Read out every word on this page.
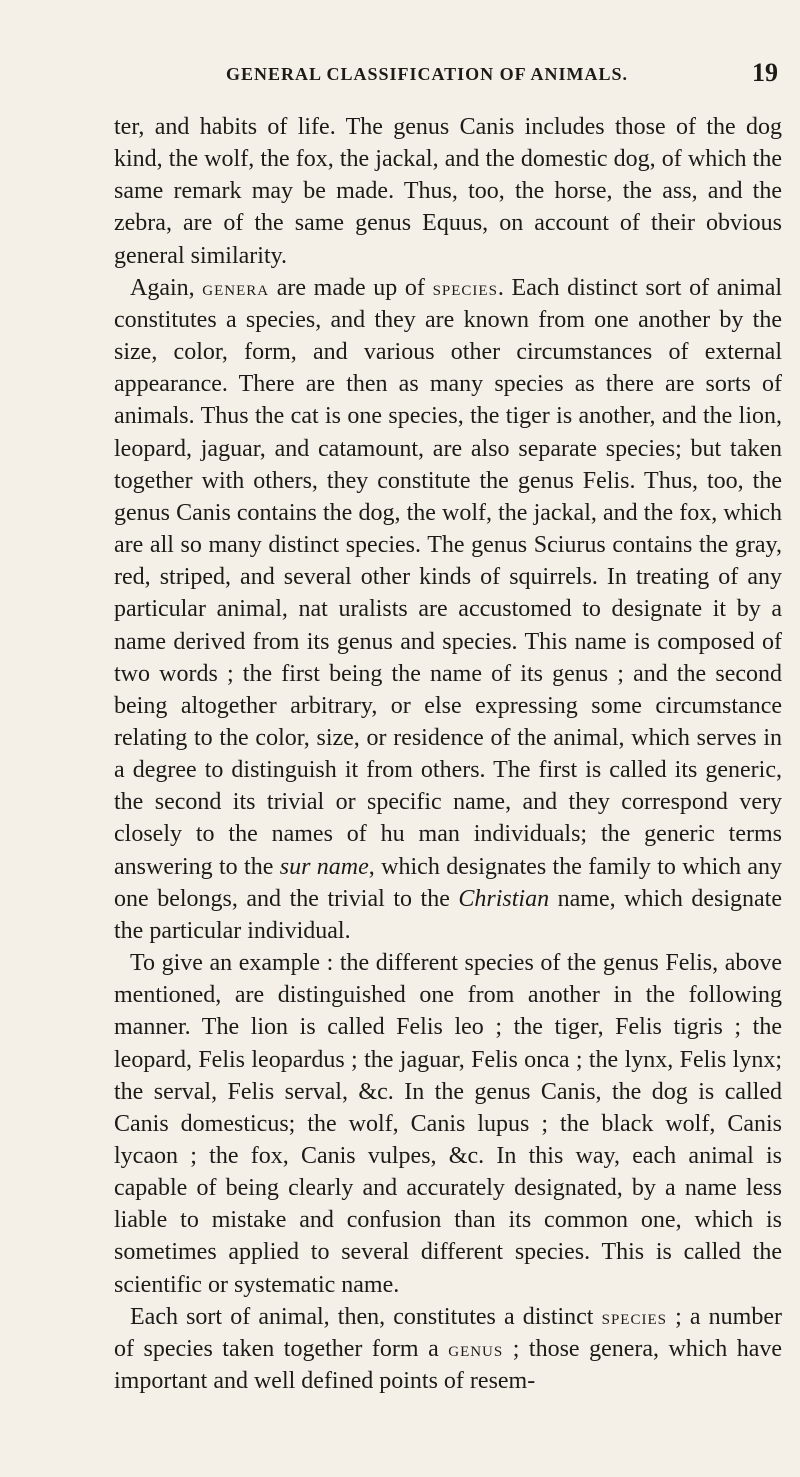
GENERAL CLASSIFICATION OF ANIMALS.	19

ter, and habits of life. The genus Canis includes those of the dog kind, the wolf, the fox, the jackal, and the domestic dog, of which the same remark may be made. Thus, too, the horse, the ass, and the zebra, are of the same genus Equus, on account of their obvious general similarity.

Again, genera are made up of species. Each distinct sort of animal constitutes a species, and they are known from one another by the size, color, form, and various other circumstances of external appearance. There are then as many species as there are sorts of animals. Thus the cat is one species, the tiger is another, and the lion, leopard, jaguar, and catamount, are also separate species; but taken together with others, they constitute the genus Felis. Thus, too, the genus Canis contains the dog, the wolf, the jackal, and the fox, which are all so many distinct species. The genus Sciurus contains the gray, red, striped, and several other kinds of squirrels. In treating of any particular animal, nat uralists are accustomed to designate it by a name derived from its genus and species. This name is composed of two words ; the first being the name of its genus ; and the second being altogether arbitrary, or else expressing some circumstance relating to the color, size, or residence of the animal, which serves in a degree to distinguish it from others. The first is called its generic, the second its trivial or specific name, and they correspond very closely to the names of hu man individuals; the generic terms answering to the sur name, which designates the family to which any one belongs, and the trivial to the Christian name, which designate the particular individual.

To give an example : the different species of the genus Felis, above mentioned, are distinguished one from another in the following manner. The lion is called Felis leo ; the tiger, Felis tigris ; the leopard, Felis leopardus ; the jaguar, Felis onca ; the lynx, Felis lynx; the serval, Felis serval, &c. In the genus Canis, the dog is called Canis domesticus; the wolf, Canis lupus ; the black wolf, Canis lycaon ; the fox, Canis vulpes, &c. In this way, each animal is capable of being clearly and accurately designated, by a name less liable to mistake and confusion than its common one, which is sometimes applied to several different species. This is called the scientific or systematic name.

Each sort of animal, then, constitutes a distinct species ; a number of species taken together form a genus ; those genera, which have important and well defined points of resem-
